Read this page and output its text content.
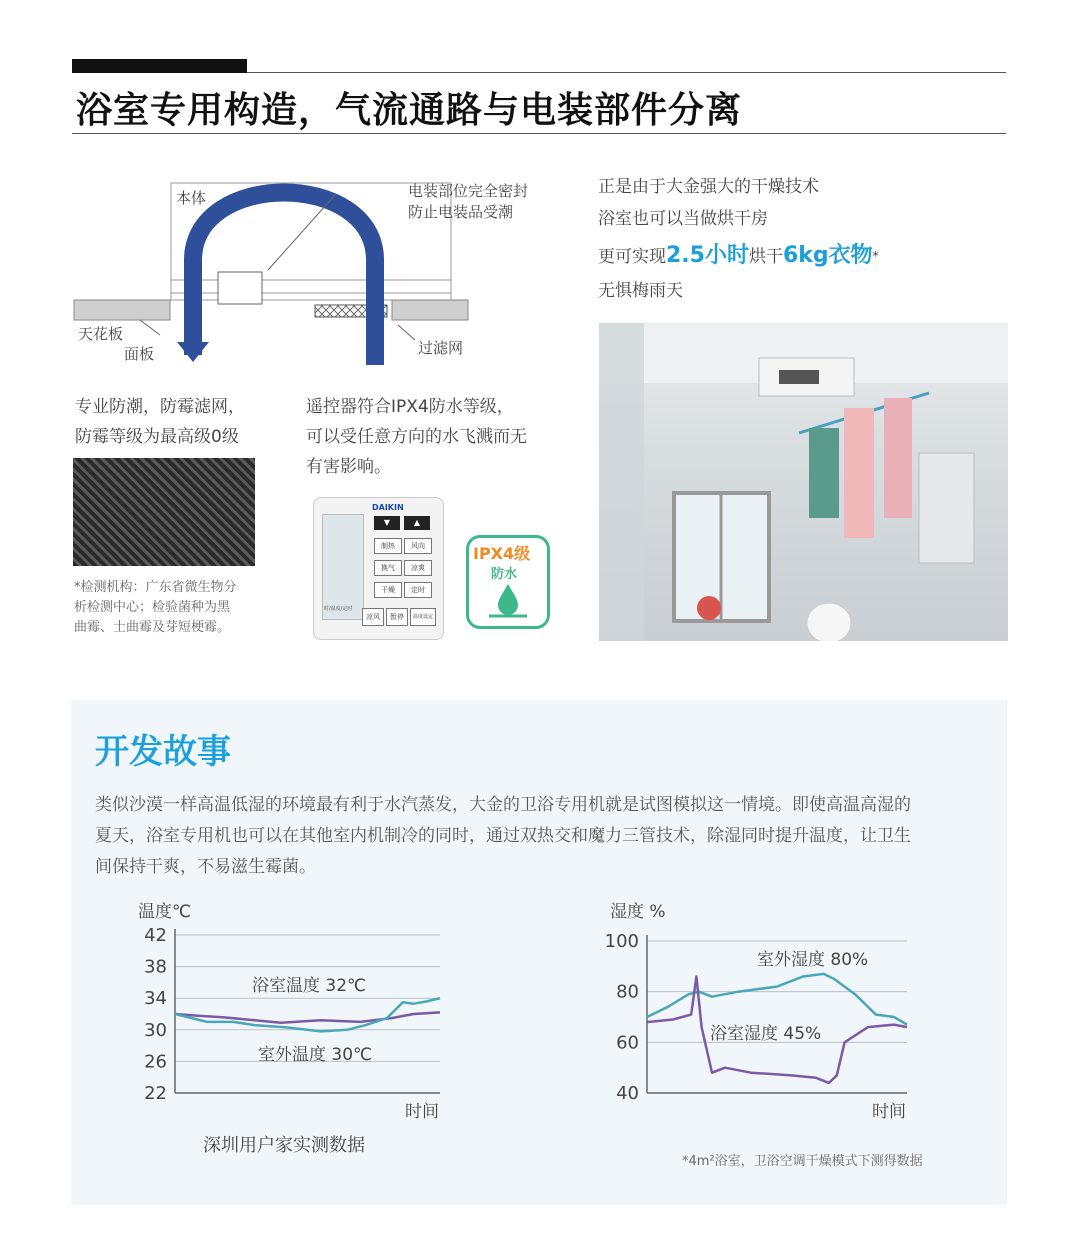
浴室专用构造，气流通路与电装部件分离
本体	电装部位完全密封
防止电装品受潮
天花板
面板	过滤网
专业防潮，防霉滤网，
防霉等级为最高级0级
*检测机构：广东省微生物分
析检测中心；检验菌种为黑
曲霉、土曲霉及芽短梗霉。
遥控器符合IPX4防水等级，
可以受任意方向的水飞溅而无
有害影响。
DAIKIN
时/温度/定时
▼	▲
制热	风向
换气	凉爽
干燥	定时
凉风	暂停	温度设定
IPX4级
防水
正是由于大金强大的干燥技术
浴室也可以当做烘干房
更可实现2.5小时烘干6kg衣物*
无惧梅雨天
开发故事
类似沙漠一样高温低湿的环境最有利于水汽蒸发，大金的卫浴专用机就是试图模拟这一情境。即使高温高湿的
夏天，浴室专用机也可以在其他室内机制冷的同时，通过双热交和魔力三管技术，除湿同时提升温度，让卫生
间保持干爽，不易滋生霉菌。
温度℃
42
38
34
30
26
22
时间
浴室温度 32℃
室外温度 30℃
深圳用户家实测数据
湿度 %
100
80
60
40
时间
室外湿度 80%
浴室湿度 45%
*4m²浴室，卫浴空调干燥模式下测得数据
